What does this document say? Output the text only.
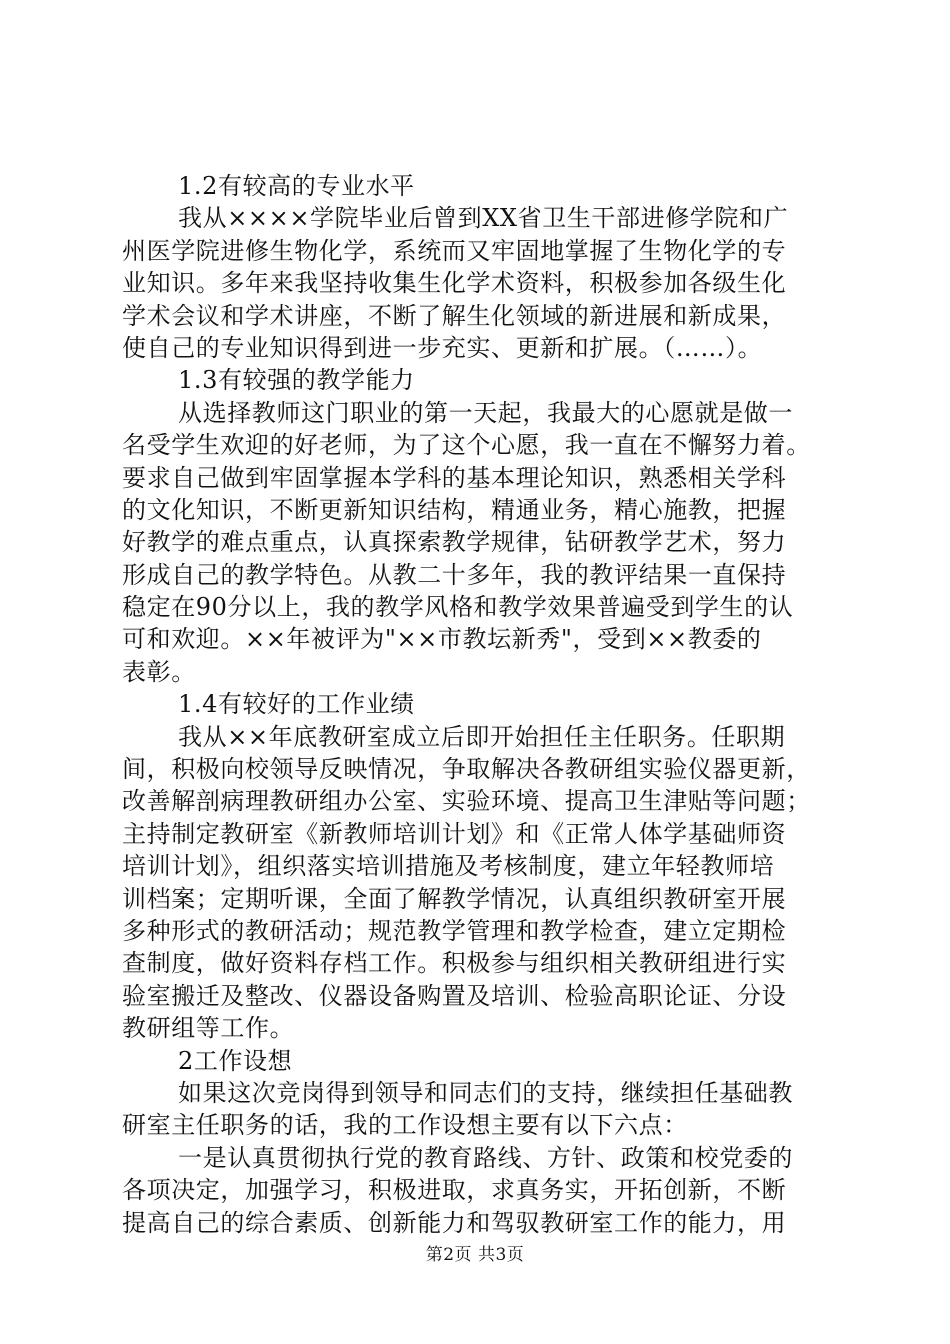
1.2有较高的专业水平
我从××××学院毕业后曾到XX省卫生干部进修学院和广
州医学院进修生物化学，系统而又牢固地掌握了生物化学的专
业知识。多年来我坚持收集生化学术资料，积极参加各级生化
学术会议和学术讲座，不断了解生化领域的新进展和新成果，
使自己的专业知识得到进一步充实、更新和扩展。（……）。
1.3有较强的教学能力
从选择教师这门职业的第一天起，我最大的心愿就是做一
名受学生欢迎的好老师，为了这个心愿，我一直在不懈努力着。
要求自己做到牢固掌握本学科的基本理论知识，熟悉相关学科
的文化知识，不断更新知识结构，精通业务，精心施教，把握
好教学的难点重点，认真探索教学规律，钻研教学艺术，努力
形成自己的教学特色。从教二十多年，我的教评结果一直保持
稳定在90分以上，我的教学风格和教学效果普遍受到学生的认
可和欢迎。××年被评为"××市教坛新秀"，受到××教委的
表彰。
1.4有较好的工作业绩
我从××年底教研室成立后即开始担任主任职务。任职期
间，积极向校领导反映情况，争取解决各教研组实验仪器更新，
改善解剖病理教研组办公室、实验环境、提高卫生津贴等问题；
主持制定教研室《新教师培训计划》和《正常人体学基础师资
培训计划》，组织落实培训措施及考核制度，建立年轻教师培
训档案；定期听课，全面了解教学情况，认真组织教研室开展
多种形式的教研活动；规范教学管理和教学检查，建立定期检
查制度，做好资料存档工作。积极参与组织相关教研组进行实
验室搬迁及整改、仪器设备购置及培训、检验高职论证、分设
教研组等工作。
2工作设想
如果这次竞岗得到领导和同志们的支持，继续担任基础教
研室主任职务的话，我的工作设想主要有以下六点：
一是认真贯彻执行党的教育路线、方针、政策和校党委的
各项决定，加强学习，积极进取，求真务实，开拓创新，不断
提高自己的综合素质、创新能力和驾驭教研室工作的能力，用
第2页 共3页
